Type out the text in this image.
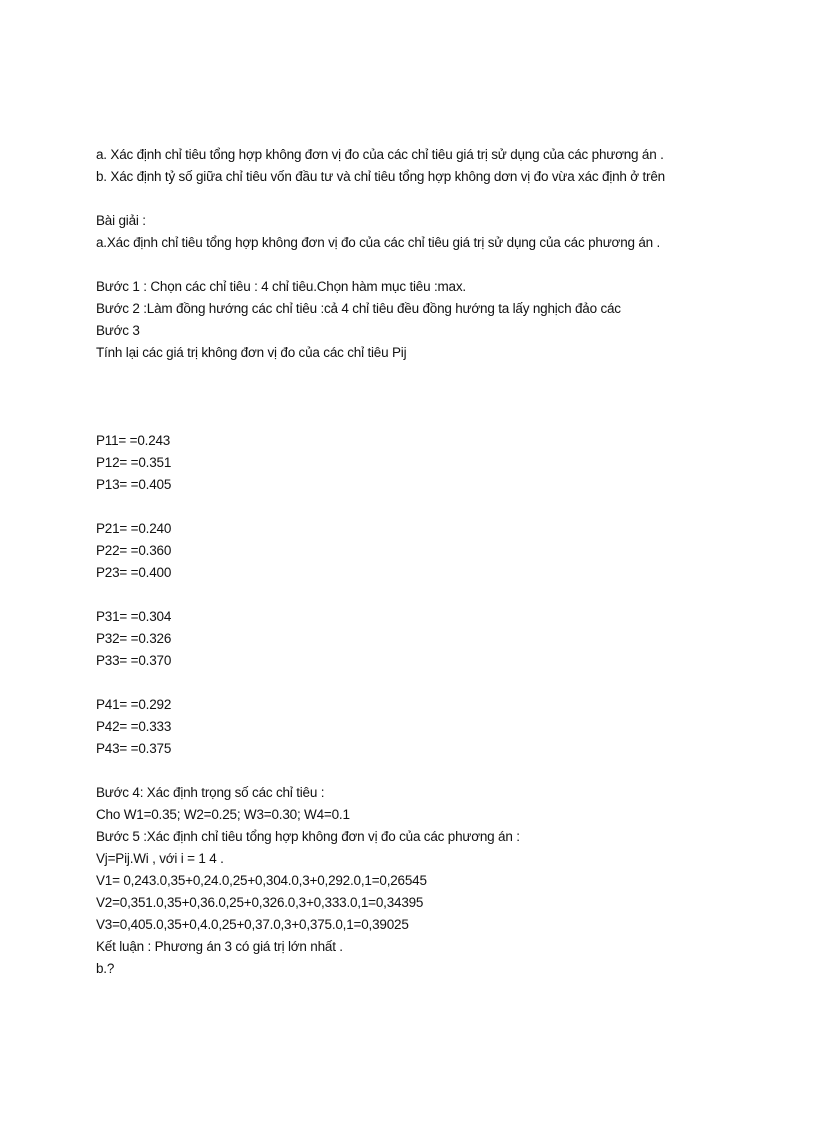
a. Xác định chỉ tiêu tổng hợp không đơn vị đo của các chỉ tiêu giá trị sử dụng của các phương án .
b. Xác định tỷ số giữa chỉ tiêu vốn đầu tư và chỉ tiêu tổng hợp không dơn vị đo vừa xác định ở trên
Bài giải :
a.Xác định chỉ tiêu tổng hợp không đơn vị đo của các chỉ tiêu giá trị sử dụng của các phương án .
Bước 1 : Chọn các chỉ tiêu : 4 chỉ tiêu.Chọn hàm mục tiêu :max.
Bước 2 :Làm đồng hướng các chỉ tiêu :cả 4 chỉ tiêu đều đồng hướng ta lấy nghịch đảo các
Bước 3
Tính lại các giá trị không đơn vị đo của các chỉ tiêu Pij
P11= =0.243
P12= =0.351
P13= =0.405
P21= =0.240
P22= =0.360
P23= =0.400
P31= =0.304
P32= =0.326
P33= =0.370
P41= =0.292
P42= =0.333
P43= =0.375
Bước 4: Xác định trọng số các chỉ tiêu :
Cho W1=0.35; W2=0.25; W3=0.30; W4=0.1
Bước 5 :Xác định chỉ tiêu tổng hợp không đơn vị đo của các phương án :
Vj=Pij.Wi , với i = 1 4 .
V1= 0,243.0,35+0,24.0,25+0,304.0,3+0,292.0,1=0,26545
V2=0,351.0,35+0,36.0,25+0,326.0,3+0,333.0,1=0,34395
V3=0,405.0,35+0,4.0,25+0,37.0,3+0,375.0,1=0,39025
Kết luận : Phương án 3 có giá trị lớn nhất .
b.?
